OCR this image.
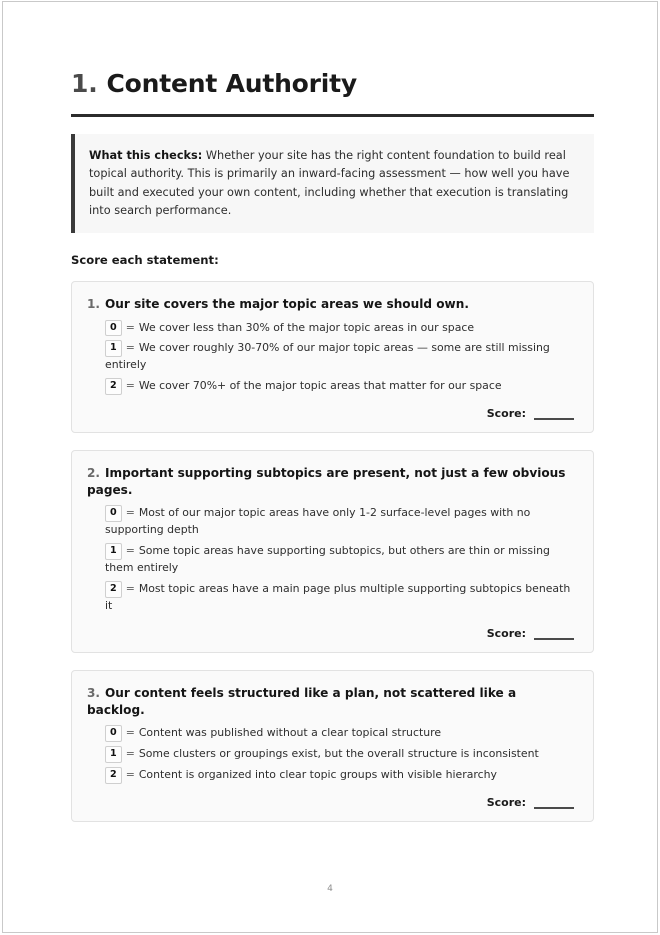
1. Content Authority

What this checks: Whether your site has the right content foundation to build real topical authority. This is primarily an inward-facing assessment — how well you have built and executed your own content, including whether that execution is translating into search performance.

Score each statement:
1. Our site covers the major topic areas we should own.
0 = We cover less than 30% of the major topic areas in our space
1 = We cover roughly 30-70% of our major topic areas — some are still missing entirely
2 = We cover 70%+ of the major topic areas that matter for our space
Score:
2. Important supporting subtopics are present, not just a few obvious pages.
0 = Most of our major topic areas have only 1-2 surface-level pages with no supporting depth
1 = Some topic areas have supporting subtopics, but others are thin or missing them entirely
2 = Most topic areas have a main page plus multiple supporting subtopics beneath it
Score:
3. Our content feels structured like a plan, not scattered like a backlog.
0 = Content was published without a clear topical structure
1 = Some clusters or groupings exist, but the overall structure is inconsistent
2 = Content is organized into clear topic groups with visible hierarchy
Score:
4
